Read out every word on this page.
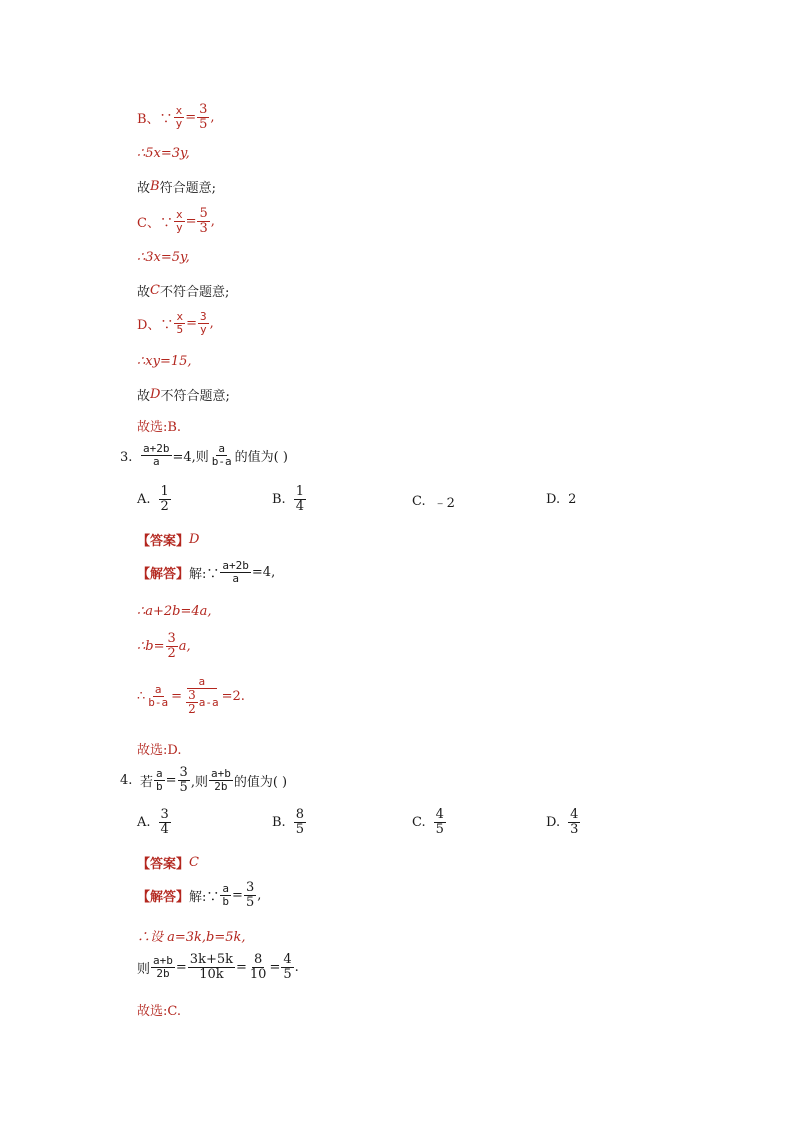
B、∵ $\frac{x}{y} = \frac{3}{5}$ ,
∴5x=3y,
故 B 符合题意;
C、∵ $\frac{x}{y} = \frac{5}{3}$ ,
∴3x=5y,
故 C 不符合题意;
D、∵ $\frac{x}{5} = \frac{3}{y}$ ,
∴xy=15,
故 D 不符合题意;
故选:B.
3. $\frac{a+2b}{a} =4$,则 $\frac{a}{b-a}$ 的值为( )
A. $\frac{1}{2}$	B. $\frac{1}{4}$	C. ﹣2	D. 2
【答案】 D
【解答】 解:∵ $\frac{a+2b}{a} =4$,
∴a+2b=4a,
∴b= $\frac{3}{2} a$,
∴ $\frac{a}{b-a} = \frac{a}{\frac{3}{2} a-a} =2$.
故选:D.
4. 若 $\frac{a}{b} = \frac{3}{5}$ ,则 $\frac{a+b}{2b}$ 的值为( )
A. $\frac{3}{4}$	B. $\frac{8}{5}$	C. $\frac{4}{5}$	D. $\frac{4}{3}$
【答案】 C
【解答】 解:∵ $\frac{a}{b} = \frac{3}{5}$ ,
∴设 a=3k,b=5k,
则 $\frac{a+b}{2b} = \frac{3k+5k}{10k} = \frac{8}{10} = \frac{4}{5}$ .
故选:C.
